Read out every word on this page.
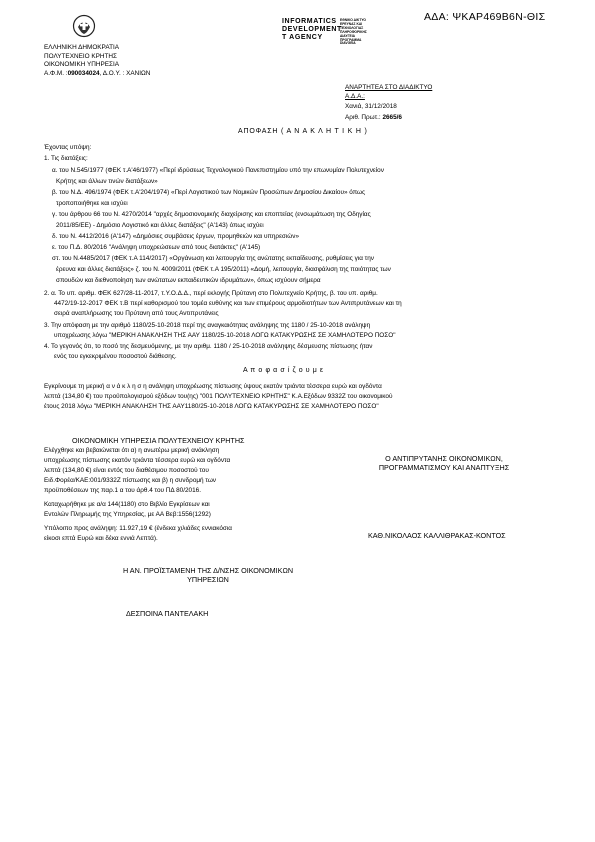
ΑΔΑ: ΨΚΑΡ469Β6Ν-ΘΙΣ
INFORMATICS
DEVELOPMENT
T AGENCY
ΕΘΝΙΚΟ ΔΙΚΤΥΟ ΕΡΕΥΝΑΣ ΚΑΙ ΤΕΧΝΟΛΟΓΙΑΣ ΠΛΗΡΟΦΟΡΙΚΗΣ ΔΙΑΥΓΕΙΑ ΠΡΟΓΡΑΜΜΑ DIAVGEIA
ΕΛΛΗΝΙΚΗ ΔΗΜΟΚΡΑΤΙΑ
ΠΟΛΥΤΕΧΝΕΙΟ ΚΡΗΤΗΣ
ΟΙΚΟΝΟΜΙΚΗ ΥΠΗΡΕΣΙΑ
Α.Φ.Μ. :090034024, Δ.Ο.Υ. : ΧΑΝΙΩΝ
ΑΝΑΡΤΗΤΕΑ ΣΤΟ ΔΙΑΔΙΚΤΥΟ
Α.Δ.Α.:
Χανιά, 31/12/2018
Αριθ. Πρωτ.: 2665/6
ΑΠΟΦΑΣΗ ( Α Ν Α Κ Λ Η Τ Ι Κ Η )
Έχοντας υπόψη:
1. Τις διατάξεις:
α. του Ν.545/1977 (ΦΕΚ τ.Α'46/1977) «Περί ιδρύσεως Τεχνολογικού Πανεπιστημίου υπό την επωνυμίαν Πολυτεχνείον
Κρήτης και άλλων τινών διατάξεων»
β. του Ν.Δ. 496/1974 (ΦΕΚ τ.Α'204/1974) «Περί Λογιστικού των Νομικών Προσώπων Δημοσίου Δικαίου» όπως
τροποποιήθηκε και ισχύει
γ. του άρθρου 66 του Ν. 4270/2014 "αρχές δημοσιονομικής διαχείρισης και εποπτείας (ενσωμάτωση της Οδηγίας
2011/85/ΕΕ) - Δημόσιο Λογιστικό και άλλες διατάξεις" (Α'143) όπως ισχύει
δ. του Ν. 4412/2016 (Α'147) «Δημόσιες συμβάσεις έργων, προμηθειών και υπηρεσιών»
ε. του Π.Δ. 80/2016 "Ανάληψη υποχρεώσεων από τους διατάκτες" (Α'145)
στ. του Ν.4485/2017 (ΦΕΚ τ.Α 114/2017) «Οργάνωση και λειτουργία της ανώτατης εκπαίδευσης, ρυθμίσεις για την
έρευνα και άλλες διατάξεις» ζ. του Ν. 4009/2011 (ΦΕΚ τ.Α 195/2011) «Δομή, λειτουργία, διασφάλιση της ποιότητας των
σπουδών και διεθνοποίηση των ανώτατων εκπαιδευτικών ιδρυμάτων», όπως ισχύουν σήμερα
2. α. Το υπ. αριθμ. ΦΕΚ 627/28-11-2017, τ.Υ.Ο.Δ.Δ., περί εκλογής Πρύτανη στο Πολυτεχνείο Κρήτης, β. του υπ. αριθμ.
4472/19-12-2017 ΦΕΚ τ.Β περί καθορισμού του τομέα ευθύνης και των επιμέρους αρμοδιοτήτων των Αντιπρυτάνεων και τη
σειρά αναπλήρωσης του Πρύτανη από τους Αντιπρυτάνεις
3. Την απόφαση με την αριθμό 1180/25-10-2018 περί της αναγκαιότητας ανάληψης της 1180 / 25-10-2018 ανάληψη
υποχρέωσης λόγω "ΜΕΡΙΚΗ ΑΝΑΚΛΗΣΗ ΤΗΣ ΑΑΥ 1180/25-10-2018 ΛΟΓΩ ΚΑΤΑΚΥΡΩΣΗΣ ΣΕ ΧΑΜΗΛΟΤΕΡΟ ΠΟΣΟ"
4. Το γεγονός ότι, το ποσό της δεσμευόμενης, με την αριθμ. 1180 / 25-10-2018 ανάληψης δέσμευσης πίστωσης ήταν
ενός του εγκεκριμένου ποσοστού διάθεσης.
Α π ο φ α σ ί ζ ο υ μ ε
Εγκρίνουμε τη μερική α ν ά κ λ η σ η ανάληψη υποχρέωσης πίστωσης ύψους εκατόν τριάντα τέσσερα ευρώ και ογδόντα
λεπτά (134,80 €) του προϋπολογισμού εξόδων του(ης) "001 ΠΟΛΥΤΕΧΝΕΙΟ ΚΡΗΤΗΣ" Κ.Α.Εξόδων 9332Ζ του οικονομικού
έτους 2018 λόγω "ΜΕΡΙΚΗ ΑΝΑΚΛΗΣΗ ΤΗΣ ΑΑΥ1180/25-10-2018 ΛΟΓΩ ΚΑΤΑΚΥΡΩΣΗΣ ΣΕ ΧΑΜΗΛΟΤΕΡΟ ΠΟΣΟ"
ΟΙΚΟΝΟΜΙΚΗ ΥΠΗΡΕΣΙΑ ΠΟΛΥΤΕΧΝΕΙΟΥ ΚΡΗΤΗΣ
Ελέγχθηκε και βεβαιώνεται ότι α) η ανωτέρω μερική ανάκληση
υποχρέωσης πίστωσης εκατόν τριάντα τέσσερα ευρώ και ογδόντα
λεπτά (134,80 €) είναι εντός του διαθέσιμου ποσοστού του
Ειδ.Φορέα/ΚΑΕ:001/9332Ζ πίστωσης και β) η συνδρομή των
προϋποθέσεων της παρ.1 α του άρθ.4 του ΠΔ 80/2016.
Καταχωρήθηκε με α/α 144(1180) στο Βιβλίο Εγκρίσεων και
Εντολών Πληρωμής της Υπηρεσίας, με ΑΑ Βεβ:1556(1292)
Υπόλοιπο προς ανάληψη: 11.927,19 € (ένδεκα χιλιάδες εννιακόσια
είκοσι επτά Ευρώ και δέκα εννιά Λεπτά).
Ο ΑΝΤΙΠΡΥΤΑΝΗΣ ΟΙΚΟΝΟΜΙΚΩΝ,
ΠΡΟΓΡΑΜΜΑΤΙΣΜΟΥ ΚΑΙ ΑΝΑΠΤΥΞΗΣ
ΚΑΘ.ΝΙΚΟΛΑΟΣ ΚΑΛΛΙΘΡΑΚΑΣ-ΚΟΝΤΟΣ
Η ΑΝ. ΠΡΟΪΣΤΑΜΕΝΗ ΤΗΣ Δ/ΝΣΗΣ ΟΙΚΟΝΟΜΙΚΩΝ
ΥΠΗΡΕΣΙΩΝ
ΔΕΣΠΟΙΝΑ ΠΑΝΤΕΛΑΚΗ
